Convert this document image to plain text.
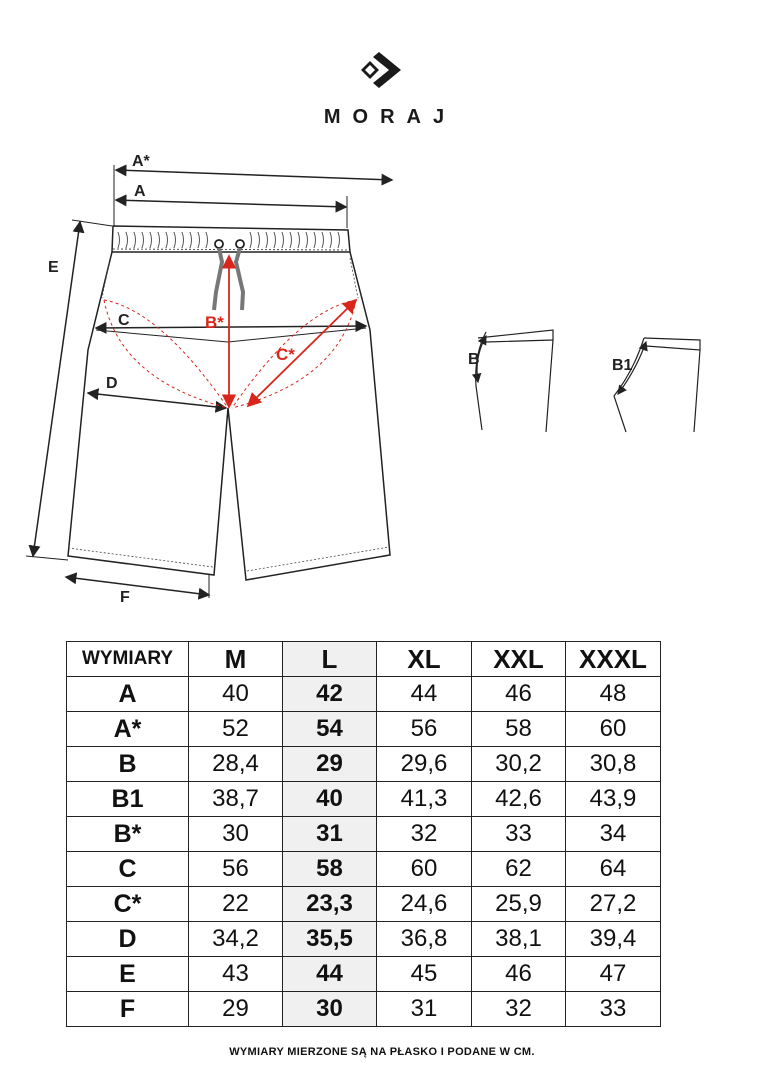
MORAJ
A*
A
E
C
D
F
B*
C*	B	B1
WYMIARY	M	L	XL	XXL	XXXL
A	40	42	44	46	48
A*	52	54	56	58	60
B	28,4	29	29,6	30,2	30,8
B1	38,7	40	41,3	42,6	43,9
B*	30	31	32	33	34
C	56	58	60	62	64
C*	22	23,3	24,6	25,9	27,2
D	34,2	35,5	36,8	38,1	39,4
E	43	44	45	46	47
F	29	30	31	32	33
WYMIARY MIERZONE SĄ NA PŁASKO I PODANE W CM.
